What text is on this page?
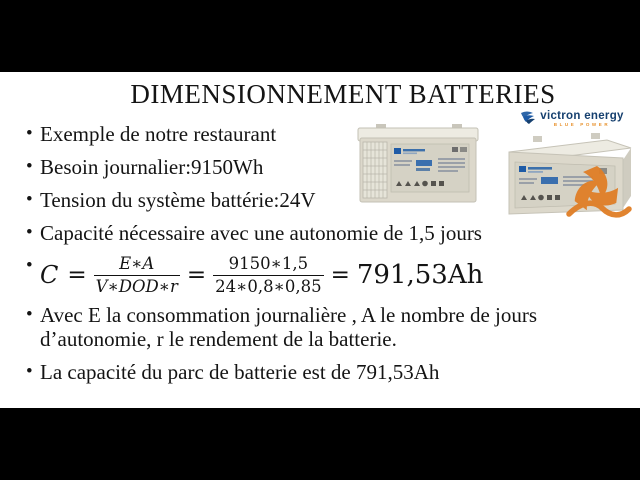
DIMENSIONNEMENT BATTERIES
• Exemple de notre restaurant
• Besoin journalier:9150Wh
• Tension du système battérie:24V
• Capacité nécessaire avec une autonomie de 1,5 jours
• $C = \frac{E∗A}{\text{V∗DOD∗r}} = \frac{9150∗1,5}{24∗0,8∗0,85} = 791,53Ah$
• Avec E la consommation journalière , A le nombre de jours d’autonomie, r le rendement de la batterie.
• La capacité du parc de batterie est de 791,53Ah
victron energy
BLUE POWER
